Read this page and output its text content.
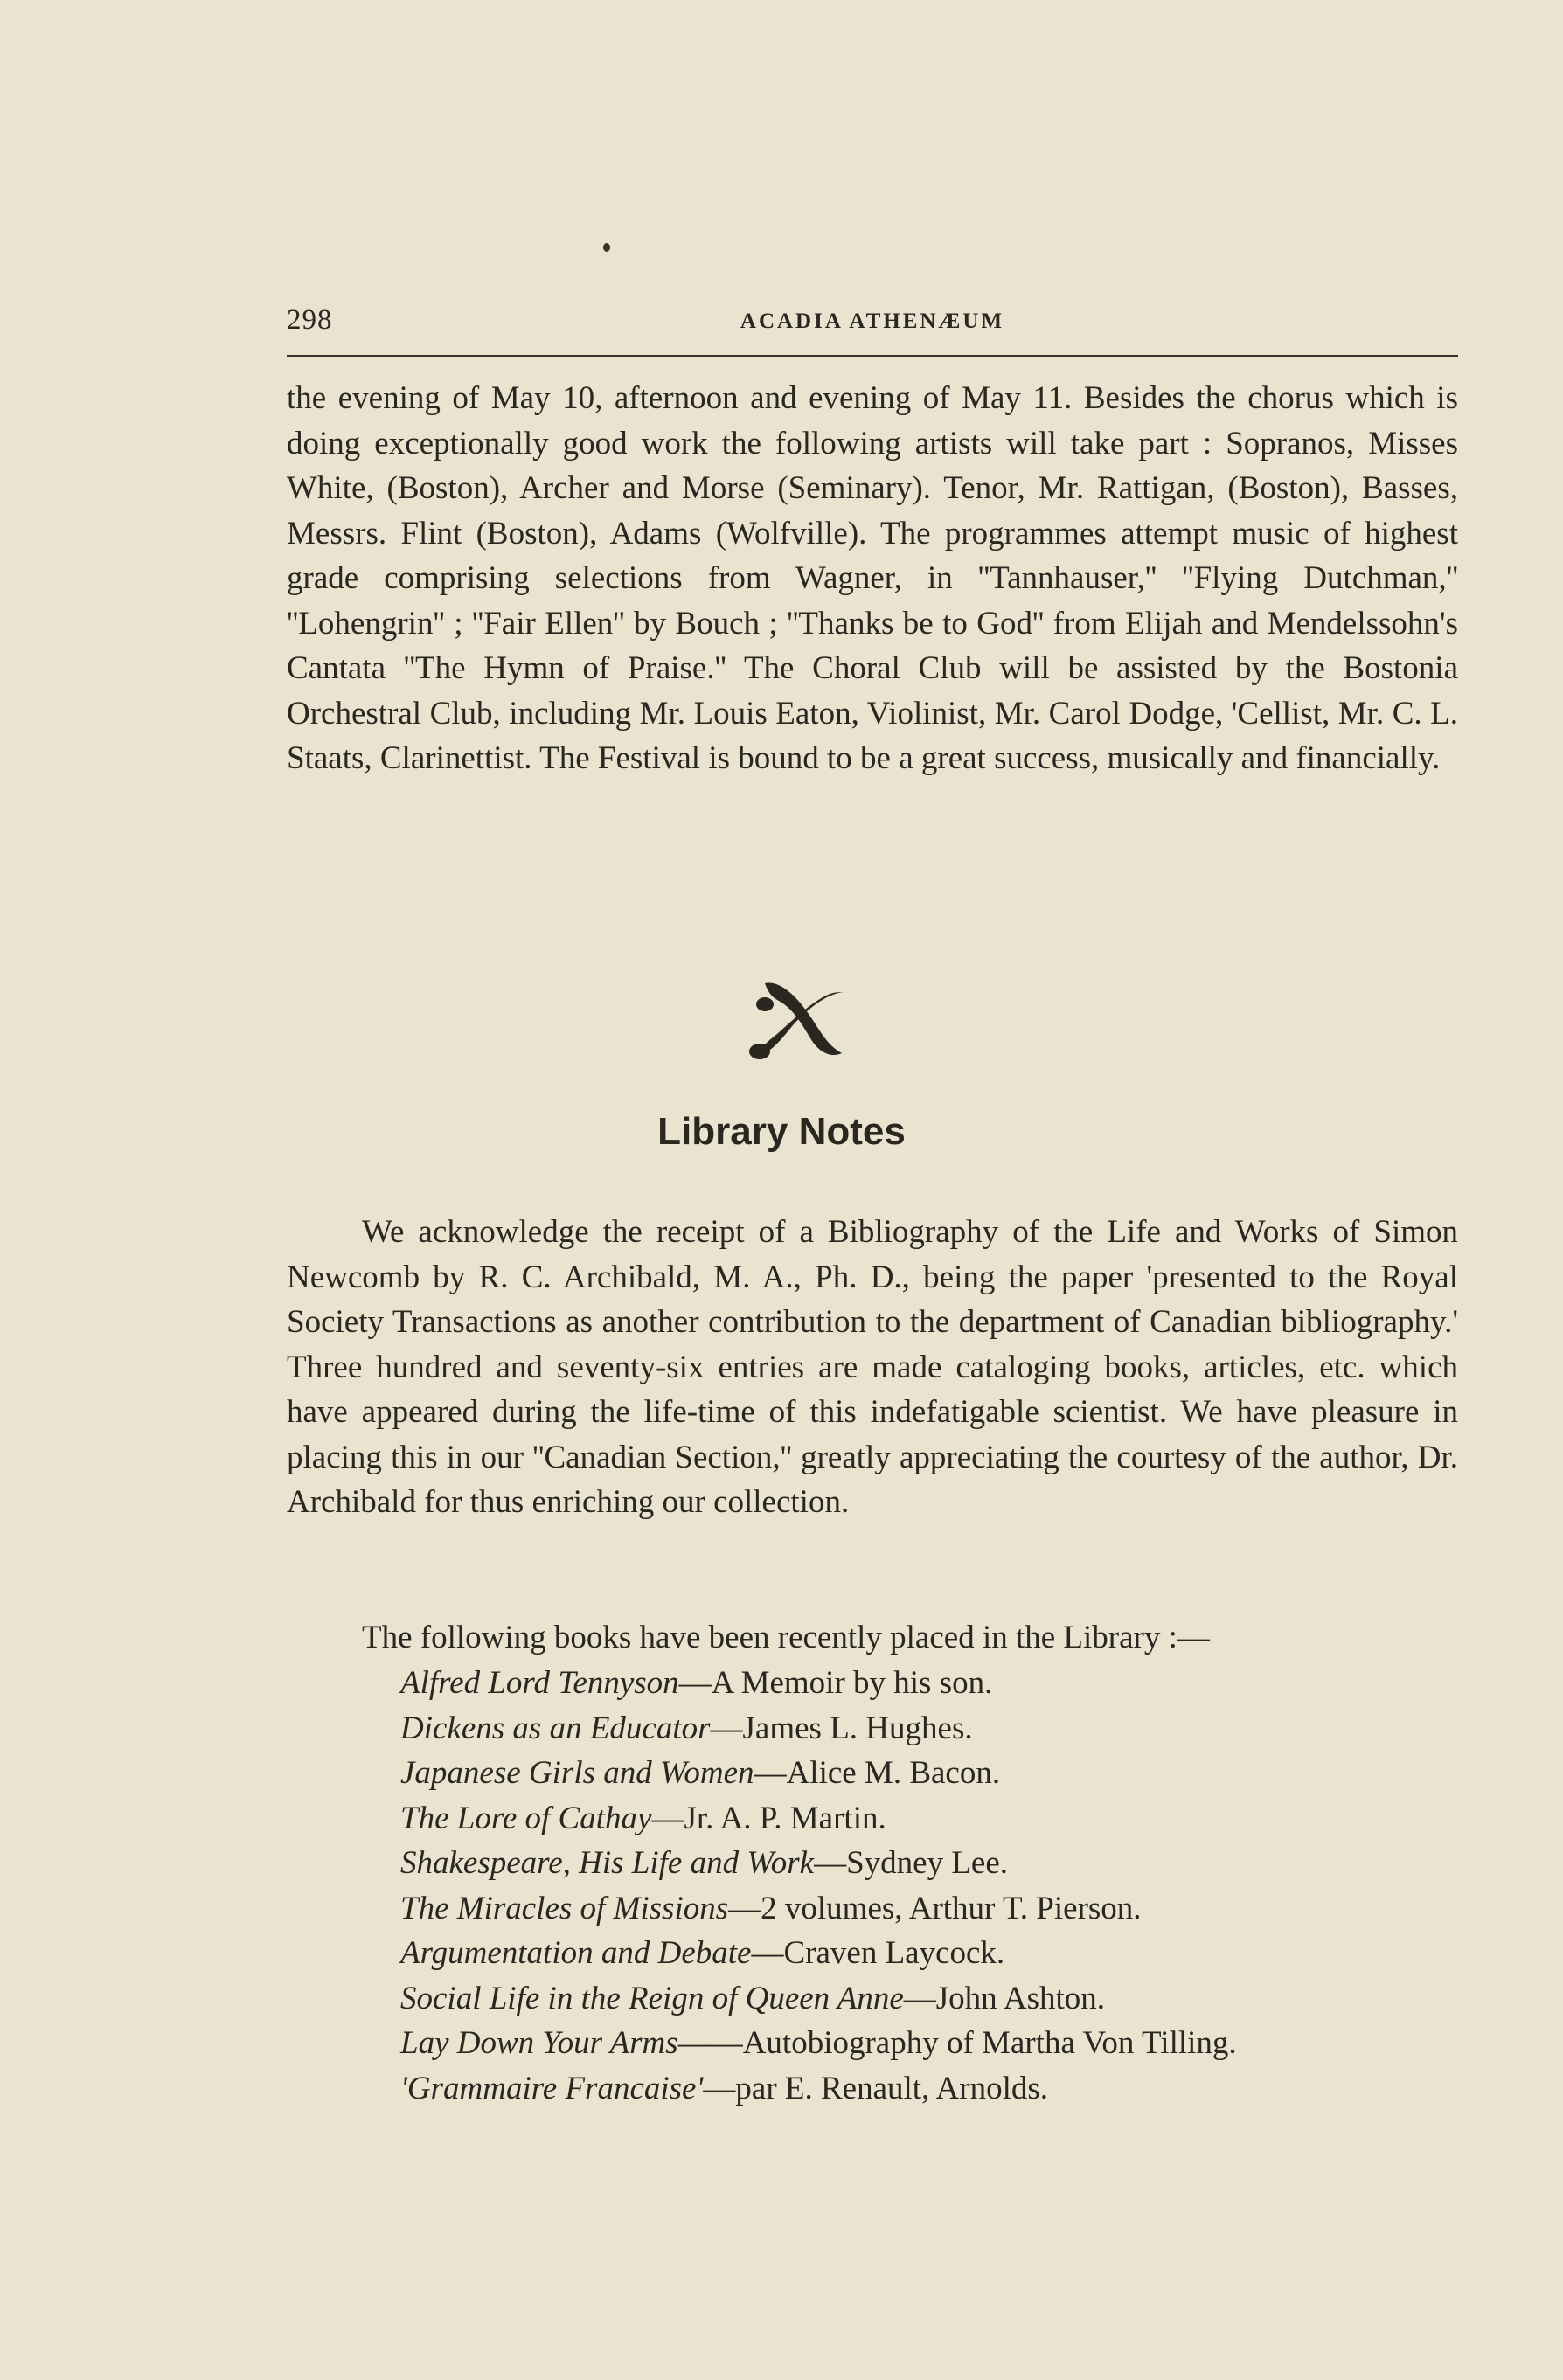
298	ACADIA ATHENÆUM
the evening of May 10, afternoon and evening of May 11. Besides the chorus which is doing exceptionally good work the following artists will take part : Sopranos, Misses White, (Boston), Archer and Morse (Seminary). Tenor, Mr. Rattigan, (Boston), Basses, Messrs. Flint (Boston), Adams (Wolfville). The programmes attempt music of highest grade comprising selections from Wagner, in ''Tannhauser,'' ''Flying Dutchman,'' ''Lohengrin'' ; ''Fair Ellen'' by Bouch ; ''Thanks be to God'' from Elijah and Mendelssohn's Cantata ''The Hymn of Praise.'' The Choral Club will be assisted by the Bostonia Orchestral Club, including Mr. Louis Eaton, Violinist, Mr. Carol Dodge, 'Cellist, Mr. C. L. Staats, Clarinettist. The Festival is bound to be a great success, musically and financially.
Library Notes
We acknowledge the receipt of a Bibliography of the Life and Works of Simon Newcomb by R. C. Archibald, M. A., Ph. D., being the paper 'presented to the Royal Society Transactions as another contribution to the department of Canadian bibliography.' Three hundred and seventy-six entries are made cataloging books, articles, etc. which have appeared during the life-time of this indefatigable scientist. We have pleasure in placing this in our ''Canadian Section,'' greatly appreciating the courtesy of the author, Dr. Archibald for thus enriching our collection.
The following books have been recently placed in the Library :—
Alfred Lord Tennyson—A Memoir by his son.
Dickens as an Educator—James L. Hughes.
Japanese Girls and Women—Alice M. Bacon.
The Lore of Cathay—Jr. A. P. Martin.
Shakespeare, His Life and Work—Sydney Lee.
The Miracles of Missions—2 volumes, Arthur T. Pierson.
Argumentation and Debate—Craven Laycock.
Social Life in the Reign of Queen Anne—John Ashton.
Lay Down Your Arms——Autobiography of Martha Von Tilling.
'Grammaire Francaise'—par E. Renault, Arnolds.
